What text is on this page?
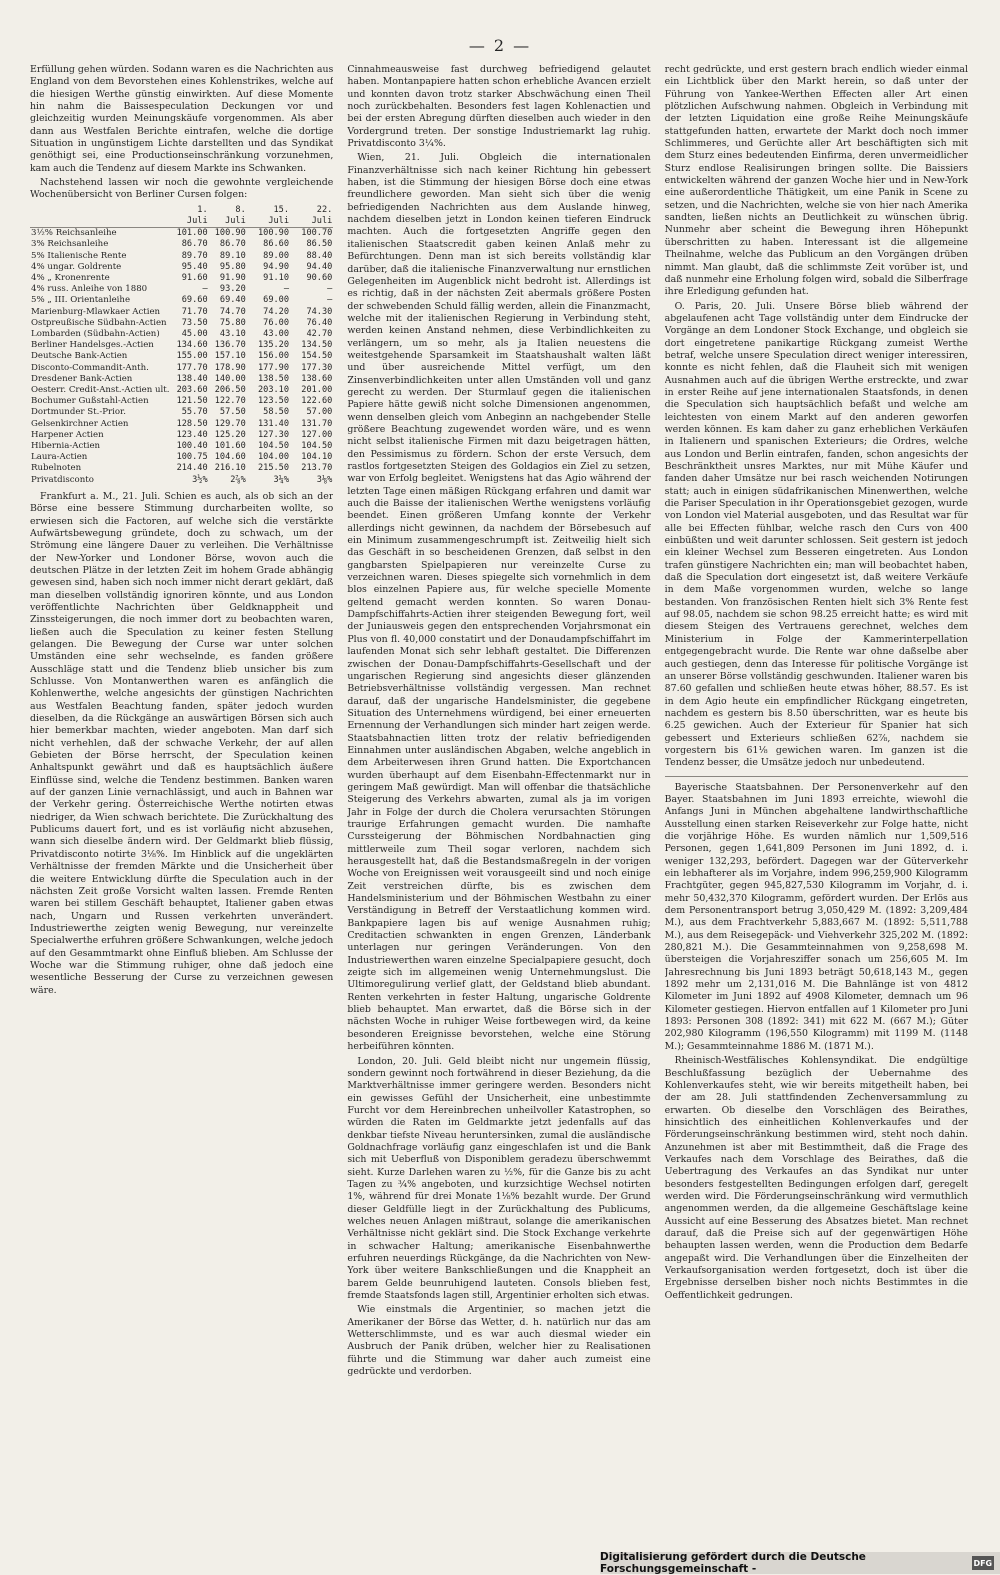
— 2 —

Erfüllung gehen würden. Sodann waren es die Nachrichten aus England von dem Bevorstehen eines Kohlenstrikes, welche auf die hiesigen Werthe günstig einwirkten. Auf diese Momente hin nahm die Baissespeculation Deckungen vor und gleichzeitig wurden Meinungskäufe vorgenommen. Als aber dann aus Westfalen Berichte eintrafen, welche die dortige Situation in ungünstigem Lichte darstellten und das Syndikat genöthigt sei, eine Productionseinschränkung vorzunehmen, kam auch die Tendenz auf diesem Markte ins Schwanken.

Nachstehend lassen wir noch die gewohnte vergleichende Wochenübersicht von Berliner Cursen folgen:

	1. Juli	8. Juli	15. Juli	22. Juli
3½% Reichsanleihe	101.00	100.90	100.90	100.70
3% Reichsanleihe	86.70	86.70	86.60	86.50
5% Italienische Rente	89.70	89.10	89.00	88.40
4% ungar. Goldrente	95.40	95.80	94.90	94.40
4% „ Kronenrente	91.60	91.90	91.10	90.60
4% russ. Anleihe von 1880	—	93.20	—	—
5% „ III. Orientanleihe	69.60	69.40	69.00	—
Marienburg-Mlawkaer Actien	71.70	74.70	74.20	74.30
Ostpreußische Südbahn-Actien	73.50	75.80	76.00	76.40
Lombarden (Südbahn-Actien)	45.00	43.10	43.00	42.70
Berliner Handelsges.-Actien	134.60	136.70	135.20	134.50
Deutsche Bank-Actien	155.00	157.10	156.00	154.50
Disconto-Commandit-Anth.	177.70	178.90	177.90	177.30
Dresdener Bank-Actien	138.40	140.00	138.50	138.60
Oesterr. Credit-Anst.-Actien ult.	203.60	206.50	203.10	201.00
Bochumer Gußstahl-Actien	121.50	122.70	123.50	122.60
Dortmunder St.-Prior.	55.70	57.50	58.50	57.00
Gelsenkirchner Actien	128.50	129.70	131.40	131.70
Harpener Actien	123.40	125.20	127.30	127.00
Hibernia-Actien	100.40	101.60	104.50	104.50
Laura-Actien	100.75	104.60	104.00	104.10
Rubelnoten	214.40	216.10	215.50	213.70
Privatdisconto	3½%	2⅞%	3¼%	3⅛%

Frankfurt a. M., 21. Juli. Schien es auch, als ob sich an der Börse eine bessere Stimmung durcharbeiten wollte, so erwiesen sich die Factoren, auf welche sich die verstärkte Aufwärtsbewegung gründete, doch zu schwach, um der Strömung eine längere Dauer zu verleihen. Die Verhältnisse der New-Yorker und Londoner Börse, wovon auch die deutschen Plätze in der letzten Zeit im hohem Grade abhängig gewesen sind, haben sich noch immer nicht derart geklärt, daß man dieselben vollständig ignoriren könnte, und aus London veröffentlichte Nachrichten über Geldknappheit und Zinssteigerungen, die noch immer dort zu beobachten waren, ließen auch die Speculation zu keiner festen Stellung gelangen. Die Bewegung der Curse war unter solchen Umständen eine sehr wechselnde, es fanden größere Ausschläge statt und die Tendenz blieb unsicher bis zum Schlusse. Von Montanwerthen waren es anfänglich die Kohlenwerthe, welche angesichts der günstigen Nachrichten aus Westfalen Beachtung fanden, später jedoch wurden dieselben, da die Rückgänge an auswärtigen Börsen sich auch hier bemerkbar machten, wieder angeboten. Man darf sich nicht verhehlen, daß der schwache Verkehr, der auf allen Gebieten der Börse herrscht, der Speculation keinen Anhaltspunkt gewährt und daß es hauptsächlich äußere Einflüsse sind, welche die Tendenz bestimmen. Banken waren auf der ganzen Linie vernachlässigt, und auch in Bahnen war der Verkehr gering. Österreichische Werthe notirten etwas niedriger, da Wien schwach berichtete. Die Zurückhaltung des Publicums dauert fort, und es ist vorläufig nicht abzusehen, wann sich dieselbe ändern wird. Der Geldmarkt blieb flüssig, Privatdisconto notirte 3⅛%. Im Hinblick auf die ungeklärten Verhältnisse der fremden Märkte und die Unsicherheit über die weitere Entwicklung dürfte die Speculation auch in der nächsten Zeit große Vorsicht walten lassen. Fremde Renten waren bei stillem Geschäft behauptet, Italiener gaben etwas nach, Ungarn und Russen verkehrten unverändert. Industriewerthe zeigten wenig Bewegung, nur vereinzelte Specialwerthe erfuhren größere Schwankungen, welche jedoch auf den Gesammtmarkt ohne Einfluß blieben. Am Schlusse der Woche war die Stimmung ruhiger, ohne daß jedoch eine wesentliche Besserung der Curse zu verzeichnen gewesen wäre.

Cinnahmeausweise fast durchweg befriedigend gelautet haben. Montanpapiere hatten schon erhebliche Avancen erzielt und konnten davon trotz starker Abschwächung einen Theil noch zurückbehalten. Besonders fest lagen Kohlenactien und bei der ersten Abregung dürften dieselben auch wieder in den Vordergrund treten. Der sonstige Industriemarkt lag ruhig. Privatdisconto 3¼%.

Wien, 21. Juli. Obgleich die internationalen Finanzverhältnisse sich nach keiner Richtung hin gebessert haben, ist die Stimmung der hiesigen Börse doch eine etwas freundlichere geworden. Man sieht sich über die wenig befriedigenden Nachrichten aus dem Auslande hinweg, nachdem dieselben jetzt in London keinen tieferen Eindruck machten. Auch die fortgesetzten Angriffe gegen den italienischen Staatscredit gaben keinen Anlaß mehr zu Befürchtungen. Denn man ist sich bereits vollständig klar darüber, daß die italienische Finanzverwaltung nur ernstlichen Gelegenheiten im Augenblick nicht bedroht ist. Allerdings ist es richtig, daß in der nächsten Zeit abermals größere Posten der schwebenden Schuld fällig werden, allein die Finanzmacht, welche mit der italienischen Regierung in Verbindung steht, werden keinen Anstand nehmen, diese Verbindlichkeiten zu verlängern, um so mehr, als ja Italien neuestens die weitestgehende Sparsamkeit im Staatshaushalt walten läßt und über ausreichende Mittel verfügt, um den Zinsenverbindlichkeiten unter allen Umständen voll und ganz gerecht zu werden. Der Sturmlauf gegen die italienischen Papiere hätte gewiß nicht solche Dimensionen angenommen, wenn denselben gleich vom Anbeginn an nachgebender Stelle größere Beachtung zugewendet worden wäre, und es wenn nicht selbst italienische Firmen mit dazu beigetragen hätten, den Pessimismus zu fördern. Schon der erste Versuch, dem rastlos fortgesetzten Steigen des Goldagios ein Ziel zu setzen, war von Erfolg begleitet. Wenigstens hat das Agio während der letzten Tage einen mäßigen Rückgang erfahren und damit war auch die Baisse der italienischen Werthe wenigstens vorläufig beendet. Einen größeren Umfang konnte der Verkehr allerdings nicht gewinnen, da nachdem der Börsebesuch auf ein Minimum zusammengeschrumpft ist. Zeitweilig hielt sich das Geschäft in so bescheidenen Grenzen, daß selbst in den gangbarsten Spielpapieren nur vereinzelte Curse zu verzeichnen waren. Dieses spiegelte sich vornehmlich in dem blos einzelnen Papiere aus, für welche specielle Momente geltend gemacht werden konnten. So waren Donau-Dampfschiffahrts-Actien ihrer steigenden Bewegung fort, weil der Juniausweis gegen den entsprechenden Vorjahrsmonat ein Plus von fl. 40,000 constatirt und der Donaudampfschiffahrt im laufenden Monat sich sehr lebhaft gestaltet. Die Differenzen zwischen der Donau-Dampfschiffahrts-Gesellschaft und der ungarischen Regierung sind angesichts dieser glänzenden Betriebsverhältnisse vollständig vergessen. Man rechnet darauf, daß der ungarische Handelsminister, die gegebene Situation des Unternehmens würdigend, bei einer erneuerten Ernennung der Verhandlungen sich minder hart zeigen werde. Staatsbahnactien litten trotz der relativ befriedigenden Einnahmen unter ausländischen Abgaben, welche angeblich in dem Arbeiterwesen ihren Grund hatten. Die Exportchancen wurden überhaupt auf dem Eisenbahn-Effectenmarkt nur in geringem Maß gewürdigt. Man will offenbar die thatsächliche Steigerung des Verkehrs abwarten, zumal als ja im vorigen Jahr in Folge der durch die Cholera verursachten Störungen traurige Erfahrungen gemacht wurden. Die namhafte Curssteigerung der Böhmischen Nordbahnactien ging mittlerweile zum Theil sogar verloren, nachdem sich herausgestellt hat, daß die Bestandsmaßregeln in der vorigen Woche von Ereignissen weit vorausgeeilt sind und noch einige Zeit verstreichen dürfte, bis es zwischen dem Handelsministerium und der Böhmischen Westbahn zu einer Verständigung in Betreff der Verstaatlichung kommen wird. Bankpapiere lagen bis auf wenige Ausnahmen ruhig; Creditactien schwankten in engen Grenzen, Länderbank unterlagen nur geringen Veränderungen. Von den Industriewerthen waren einzelne Specialpapiere gesucht, doch zeigte sich im allgemeinen wenig Unternehmungslust. Die Ultimoregulirung verlief glatt, der Geldstand blieb abundant. Renten verkehrten in fester Haltung, ungarische Goldrente blieb behauptet. Man erwartet, daß die Börse sich in der nächsten Woche in ruhiger Weise fortbewegen wird, da keine besonderen Ereignisse bevorstehen, welche eine Störung herbeiführen könnten.

London, 20. Juli. Geld bleibt nicht nur ungemein flüssig, sondern gewinnt noch fortwährend in dieser Beziehung, da die Marktverhältnisse immer geringere werden. Besonders nicht ein gewisses Gefühl der Unsicherheit, eine unbestimmte Furcht vor dem Hereinbrechen unheilvoller Katastrophen, so würden die Raten im Geldmarkte jetzt jedenfalls auf das denkbar tiefste Niveau heruntersinken, zumal die ausländische Goldnachfrage vorläufig ganz eingeschlafen ist und die Bank sich mit Ueberfluß von Disponiblem geradezu überschwemmt sieht. Kurze Darlehen waren zu ½%, für die Ganze bis zu acht Tagen zu ¾% angeboten, und kurzsichtige Wechsel notirten 1%, während für drei Monate 1⅛% bezahlt wurde. Der Grund dieser Geldfülle liegt in der Zurückhaltung des Publicums, welches neuen Anlagen mißtraut, solange die amerikanischen Verhältnisse nicht geklärt sind. Die Stock Exchange verkehrte in schwacher Haltung; amerikanische Eisenbahnwerthe erfuhren neuerdings Rückgänge, da die Nachrichten von New-York über weitere Bankschließungen und die Knappheit an barem Gelde beunruhigend lauteten. Consols blieben fest, fremde Staatsfonds lagen still, Argentinier erholten sich etwas.

Wie einstmals die Argentinier, so machen jetzt die Amerikaner der Börse das Wetter, d. h. natürlich nur das am Wetterschlimmste, und es war auch diesmal wieder ein Ausbruch der Panik drüben, welcher hier zu Realisationen führte und die Stimmung war daher auch zumeist eine gedrückte und verdorben.

recht gedrückte, und erst gestern brach endlich wieder einmal ein Lichtblick über den Markt herein, so daß unter der Führung von Yankee-Werthen Effecten aller Art einen plötzlichen Aufschwung nahmen. Obgleich in Verbindung mit der letzten Liquidation eine große Reihe Meinungskäufe stattgefunden hatten, erwartete der Markt doch noch immer Schlimmeres, und Gerüchte aller Art beschäftigten sich mit dem Sturz eines bedeutenden Einfirma, deren unvermeidlicher Sturz endlose Realisirungen bringen sollte. Die Baissiers entwickelten während der ganzen Woche hier und in New-York eine außerordentliche Thätigkeit, um eine Panik in Scene zu setzen, und die Nachrichten, welche sie von hier nach Amerika sandten, ließen nichts an Deutlichkeit zu wünschen übrig. Nunmehr aber scheint die Bewegung ihren Höhepunkt überschritten zu haben. Interessant ist die allgemeine Theilnahme, welche das Publicum an den Vorgängen drüben nimmt. Man glaubt, daß die schlimmste Zeit vorüber ist, und daß nunmehr eine Erholung folgen wird, sobald die Silberfrage ihre Erledigung gefunden hat.

O. Paris, 20. Juli. Unsere Börse blieb während der abgelaufenen acht Tage vollständig unter dem Eindrucke der Vorgänge an dem Londoner Stock Exchange, und obgleich sie dort eingetretene panikartige Rückgang zumeist Werthe betraf, welche unsere Speculation direct weniger interessiren, konnte es nicht fehlen, daß die Flauheit sich mit wenigen Ausnahmen auch auf die übrigen Werthe erstreckte, und zwar in erster Reihe auf jene internationalen Staatsfonds, in denen die Speculation sich hauptsächlich befaßt und welche am leichtesten von einem Markt auf den anderen geworfen werden können. Es kam daher zu ganz erheblichen Verkäufen in Italienern und spanischen Exterieurs; die Ordres, welche aus London und Berlin eintrafen, fanden, schon angesichts der Beschränktheit unsres Marktes, nur mit Mühe Käufer und fanden daher Umsätze nur bei rasch weichenden Notirungen statt; auch in einigen südafrikanischen Minenwerthen, welche die Pariser Speculation in ihr Operationsgebiet gezogen, wurde von London viel Material ausgeboten, und das Resultat war für alle bei Effecten fühlbar, welche rasch den Curs von 400 einbüßten und weit darunter schlossen. Seit gestern ist jedoch ein kleiner Wechsel zum Besseren eingetreten. Aus London trafen günstigere Nachrichten ein; man will beobachtet haben, daß die Speculation dort eingesetzt ist, daß weitere Verkäufe in dem Maße vorgenommen wurden, welche so lange bestanden. Von französischen Renten hielt sich 3% Rente fest auf 98.05, nachdem sie schon 98.25 erreicht hatte; es wird mit diesem Steigen des Vertrauens gerechnet, welches dem Ministerium in Folge der Kammerinterpellation entgegengebracht wurde. Die Rente war ohne daßselbe aber auch gestiegen, denn das Interesse für politische Vorgänge ist an unserer Börse vollständig geschwunden. Italiener waren bis 87.60 gefallen und schließen heute etwas höher, 88.57. Es ist in dem Agio heute ein empfindlicher Rückgang eingetreten, nachdem es gestern bis 8.50 überschritten, war es heute bis 6.25 gewichen. Auch der Exterieur für Spanier hat sich gebessert und Exterieurs schließen 62⅞, nachdem sie vorgestern bis 61⅛ gewichen waren. Im ganzen ist die Tendenz besser, die Umsätze jedoch nur unbedeutend.

Bayerische Staatsbahnen. Der Personenverkehr auf den Bayer. Staatsbahnen im Juni 1893 erreichte, wiewohl die Anfangs Juni in München abgehaltene landwirthschaftliche Ausstellung einen starken Reiseverkehr zur Folge hatte, nicht die vorjährige Höhe. Es wurden nämlich nur 1,509,516 Personen, gegen 1,641,809 Personen im Juni 1892, d. i. weniger 132,293, befördert. Dagegen war der Güterverkehr ein lebhafterer als im Vorjahre, indem 996,259,900 Kilogramm Frachtgüter, gegen 945,827,530 Kilogramm im Vorjahr, d. i. mehr 50,432,370 Kilogramm, gefördert wurden. Der Erlös aus dem Personentransport betrug 3,050,429 M. (1892: 3,209,484 M.), aus dem Frachtverkehr 5,883,667 M. (1892: 5,511,788 M.), aus dem Reisegepäck- und Viehverkehr 325,202 M. (1892: 280,821 M.). Die Gesammteinnahmen von 9,258,698 M. übersteigen die Vorjahresziffer sonach um 256,605 M. Im Jahresrechnung bis Juni 1893 beträgt 50,618,143 M., gegen 1892 mehr um 2,131,016 M. Die Bahnlänge ist von 4812 Kilometer im Juni 1892 auf 4908 Kilometer, demnach um 96 Kilometer gestiegen. Hiervon entfallen auf 1 Kilometer pro Juni 1893: Personen 308 (1892: 341) mit 622 M. (667 M.); Güter 202,980 Kilogramm (196,550 Kilogramm) mit 1199 M. (1148 M.); Gesammteinnahme 1886 M. (1871 M.).

Rheinisch-Westfälisches Kohlensyndikat. Die endgültige Beschlußfassung bezüglich der Uebernahme des Kohlenverkaufes steht, wie wir bereits mitgetheilt haben, bei der am 28. Juli stattfindenden Zechenversammlung zu erwarten. Ob dieselbe den Vorschlägen des Beirathes, hinsichtlich des einheitlichen Kohlenverkaufes und der Förderungseinschränkung bestimmen wird, steht noch dahin. Anzunehmen ist aber mit Bestimmtheit, daß die Frage des Verkaufes nach dem Vorschlage des Beirathes, daß die Uebertragung des Verkaufes an das Syndikat nur unter besonders festgestellten Bedingungen erfolgen darf, geregelt werden wird. Die Förderungseinschränkung wird vermuthlich angenommen werden, da die allgemeine Geschäftslage keine Aussicht auf eine Besserung des Absatzes bietet. Man rechnet darauf, daß die Preise sich auf der gegenwärtigen Höhe behaupten lassen werden, wenn die Production dem Bedarfe angepaßt wird. Die Verhandlungen über die Einzelheiten der Verkaufsorganisation werden fortgesetzt, doch ist über die Ergebnisse derselben bisher noch nichts Bestimmtes in die Oeffentlichkeit gedrungen.

Digitalisierung gefördert durch die Deutsche Forschungsgemeinschaft -	DFG
